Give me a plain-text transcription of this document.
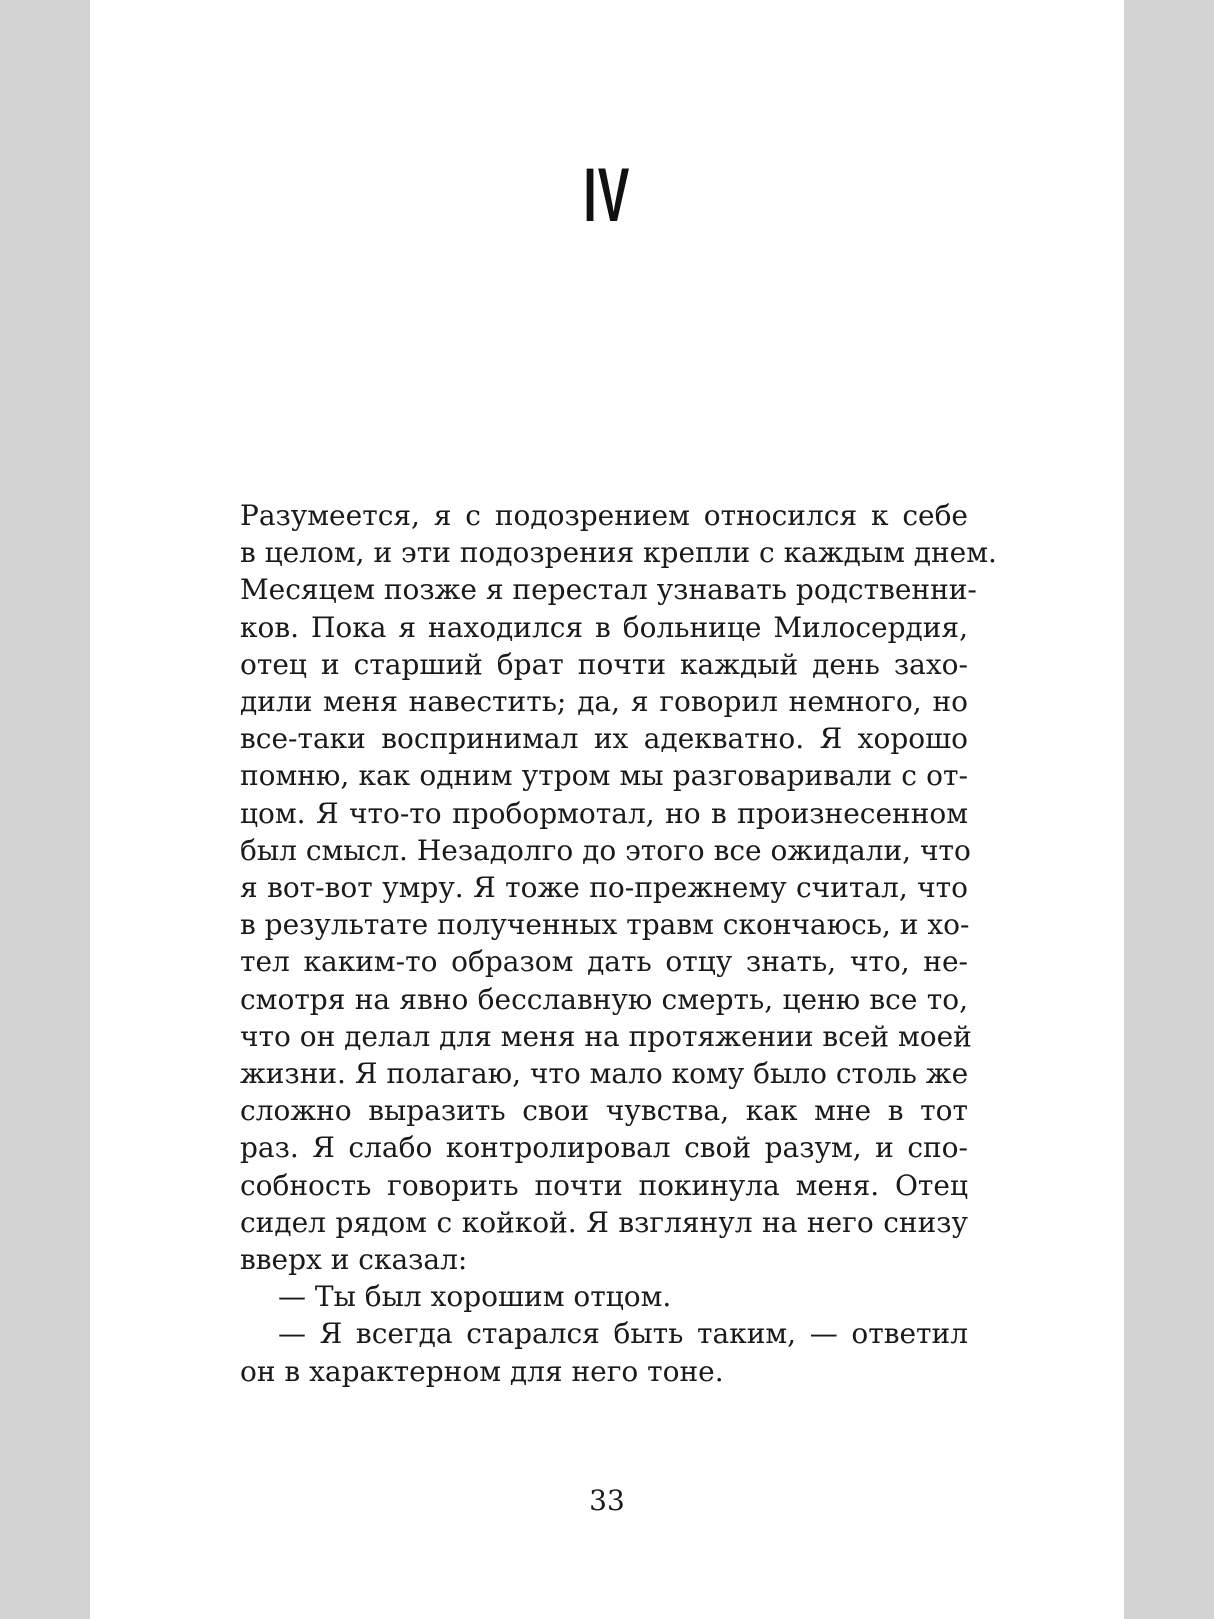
IV
Разумеется, я с подозрением относился к себе
в целом, и эти подозрения крепли с каждым днем.
Месяцем позже я перестал узнавать родственни-
ков. Пока я находился в больнице Милосердия,
отец и старший брат почти каждый день захо-
дили меня навестить; да, я говорил немного, но
все-таки воспринимал их адекватно. Я хорошо
помню, как одним утром мы разговаривали с от-
цом. Я что-то пробормотал, но в произнесенном
был смысл. Незадолго до этого все ожидали, что
я вот-вот умру. Я тоже по-прежнему считал, что
в результате полученных травм скончаюсь, и хо-
тел каким-то образом дать отцу знать, что, не-
смотря на явно бесславную смерть, ценю все то,
что он делал для меня на протяжении всей моей
жизни. Я полагаю, что мало кому было столь же
сложно выразить свои чувства, как мне в тот
раз. Я слабо контролировал свой разум, и спо-
собность говорить почти покинула меня. Отец
сидел рядом с койкой. Я взглянул на него снизу
вверх и сказал:
— Ты был хорошим отцом.
— Я всегда старался быть таким, — ответил
он в характерном для него тоне.
33
